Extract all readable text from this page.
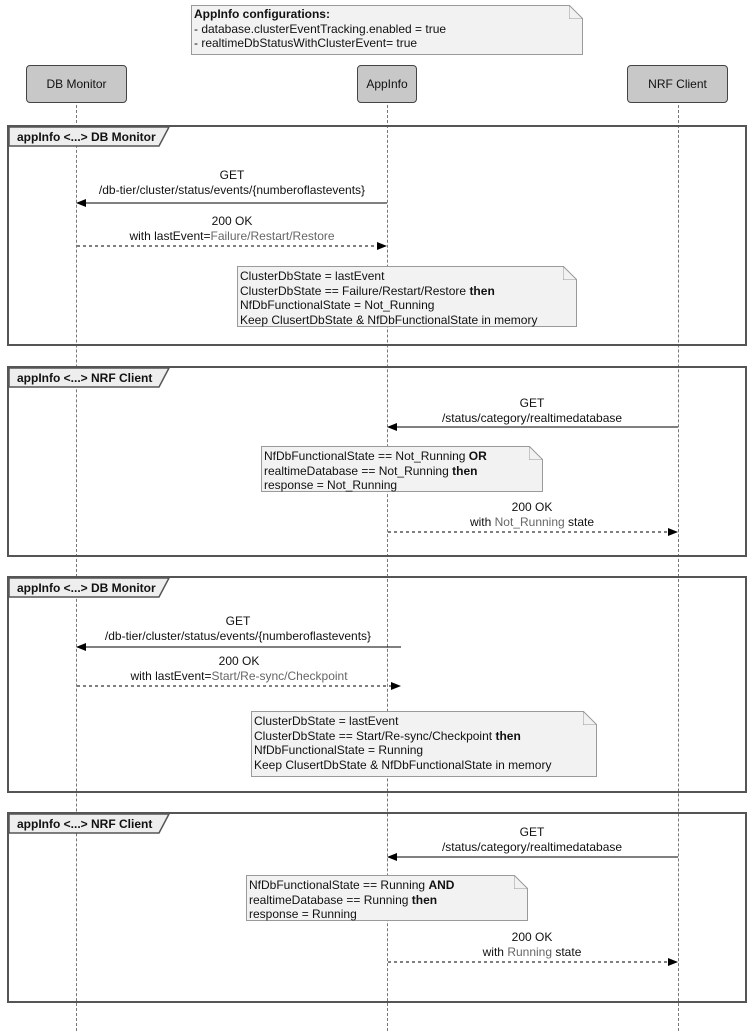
AppInfo configurations:
- database.clusterEventTracking.enabled = true
- realtimeDbStatusWithClusterEvent= true
DB Monitor	AppInfo	NRF Client
appInfo <...> DB Monitor
appInfo <...> NRF Client
appInfo <...> DB Monitor
appInfo <...> NRF Client
GET
/db-tier/cluster/status/events/{numberoflastevents}
200 OK
with lastEvent=Failure/Restart/Restore
ClusterDbState = lastEvent
ClusterDbState == Failure/Restart/Restore then
NfDbFunctionalState = Not_Running
Keep ClusertDbState & NfDbFunctionalState in memory
GET
/status/category/realtimedatabase
NfDbFunctionalState == Not_Running OR
realtimeDatabase == Not_Running then
response = Not_Running
200 OK
with Not_Running state
GET
/db-tier/cluster/status/events/{numberoflastevents}
200 OK
with lastEvent=Start/Re-sync/Checkpoint
ClusterDbState = lastEvent
ClusterDbState == Start/Re-sync/Checkpoint then
NfDbFunctionalState = Running
Keep ClusertDbState & NfDbFunctionalState in memory
GET
/status/category/realtimedatabase
NfDbFunctionalState == Running AND
realtimeDatabase == Running then
response = Running
200 OK
with Running state
